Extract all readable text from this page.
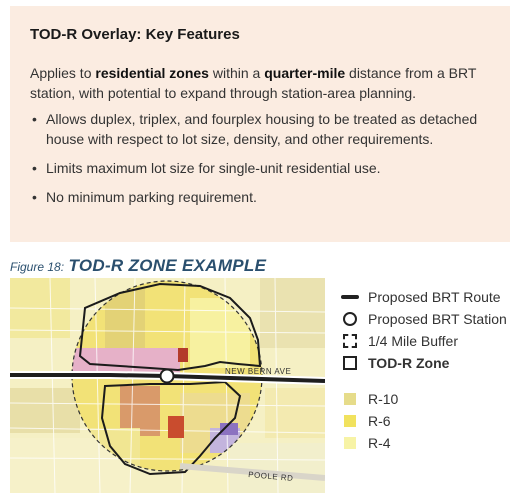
TOD-R Overlay: Key Features

Applies to residential zones within a quarter-mile distance from a BRT station, with potential to expand through station-area planning.

• Allows duplex, triplex, and fourplex housing to be treated as detached house with respect to lot size, density, and other requirements.
• Limits maximum lot size for single-unit residential use.
• No minimum parking requirement.
Figure 18: TOD-R ZONE EXAMPLE
NEW BERN AVE
POOLE RD
Proposed BRT Route
Proposed BRT Station
1/4 Mile Buffer
TOD-R Zone
R-10
R-6
R-4
